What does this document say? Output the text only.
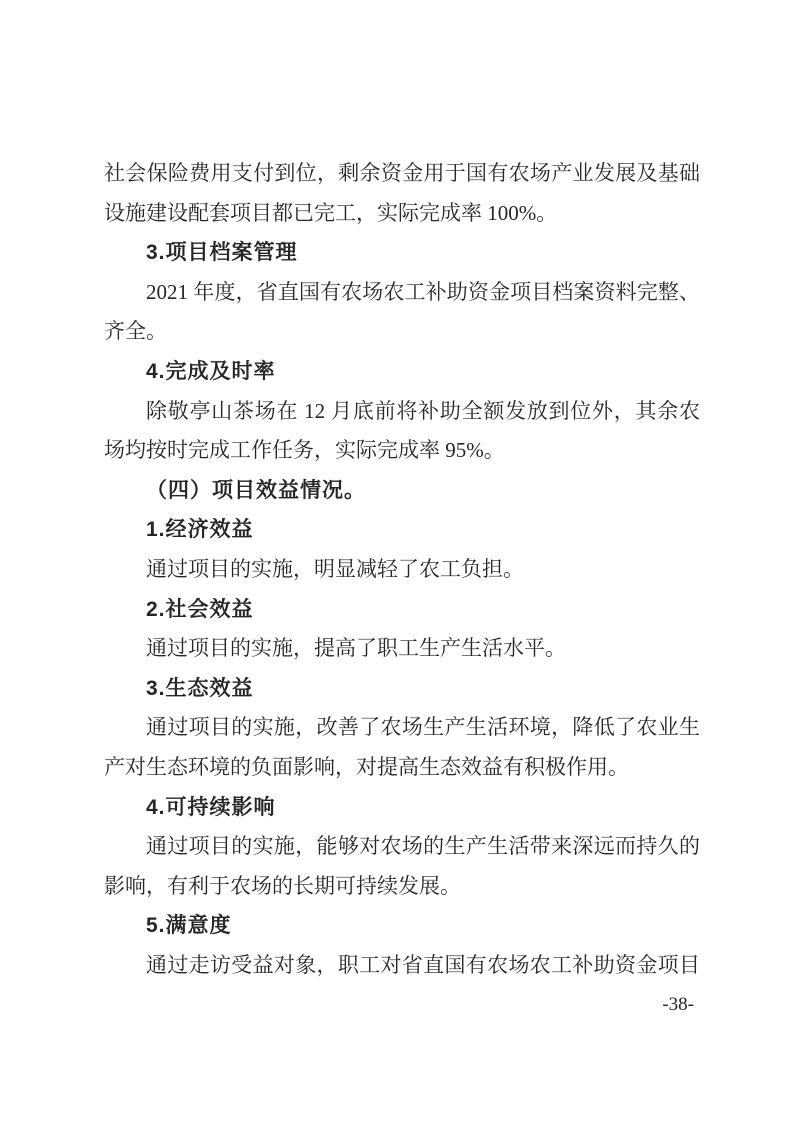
社会保险费用支付到位，剩余资金用于国有农场产业发展及基础
设施建设配套项目都已完工，实际完成率 100%。
3.项目档案管理
2021 年度，省直国有农场农工补助资金项目档案资料完整、
齐全。
4.完成及时率
除敬亭山茶场在 12 月底前将补助全额发放到位外，其余农
场均按时完成工作任务，实际完成率 95%。
（四）项目效益情况。
1.经济效益
通过项目的实施，明显减轻了农工负担。
2.社会效益
通过项目的实施，提高了职工生产生活水平。
3.生态效益
通过项目的实施，改善了农场生产生活环境，降低了农业生
产对生态环境的负面影响，对提高生态效益有积极作用。
4.可持续影响
通过项目的实施，能够对农场的生产生活带来深远而持久的
影响，有利于农场的长期可持续发展。
5.满意度
通过走访受益对象，职工对省直国有农场农工补助资金项目
-38-
